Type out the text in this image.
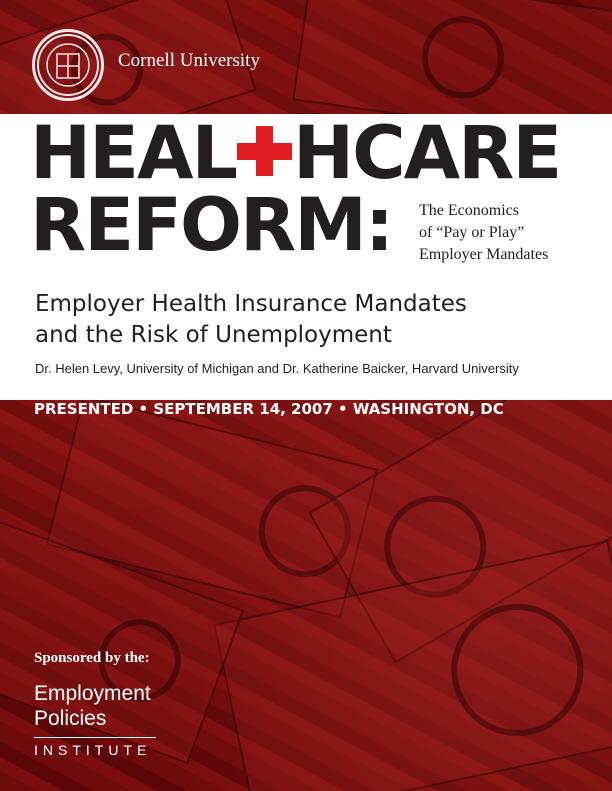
Cornell University
HEAL HCARE
REFORM:	The Economics
of “Pay or Play”
Employer Mandates
Employer Health Insurance Mandates
and the Risk of Unemployment
Dr. Helen Levy, University of Michigan and Dr. Katherine Baicker, Harvard University
PRESENTED • SEPTEMBER 14, 2007 • WASHINGTON, DC
Sponsored by the:
Employment
Policies
INSTITUTE
